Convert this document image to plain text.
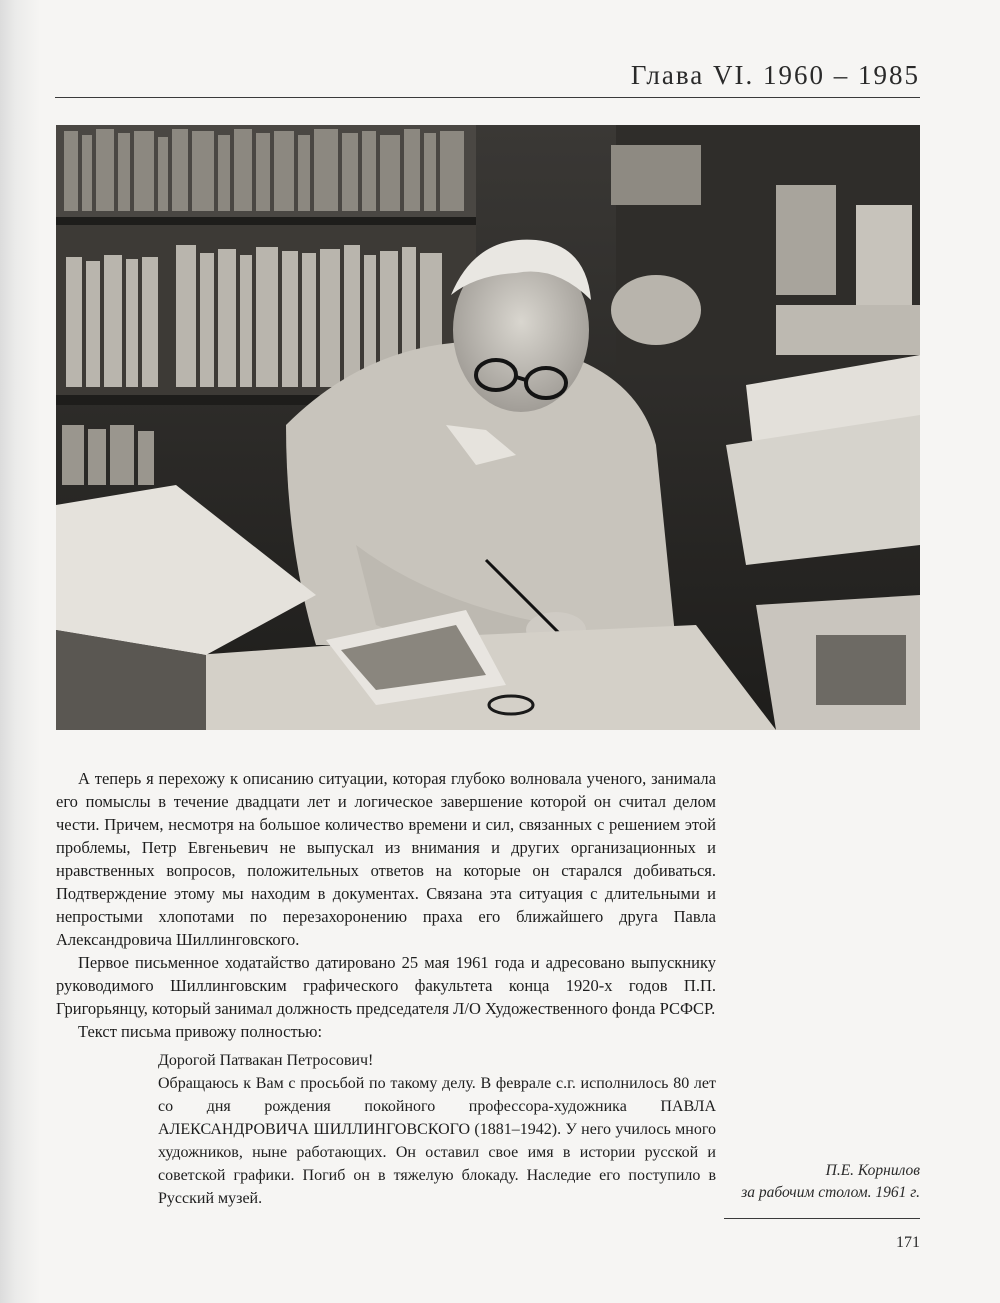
Глава VI. 1960 – 1985

А теперь я перехожу к описанию ситуации, которая глубоко волновала ученого, занимала его помыслы в течение двадцати лет и логическое завершение которой он считал делом чести. Причем, несмотря на большое количество времени и сил, связанных с решением этой проблемы, Петр Евгеньевич не выпускал из внимания и других организационных и нравственных вопросов, положительных ответов на которые он старался добиваться. Подтверждение этому мы находим в документах. Связана эта ситуация с длительными и непростыми хлопотами по перезахоронению праха его ближайшего друга Павла Александровича Шиллинговского.

Первое письменное ходатайство датировано 25 мая 1961 года и адресовано выпускнику руководимого Шиллинговским графического факультета конца 1920-х годов П.П. Григорьянцу, который занимал должность председателя Л/О Художественного фонда РСФСР.

Текст письма привожу полностью:

Дорогой Патвакан Петросович!

Обращаюсь к Вам с просьбой по такому делу. В феврале с.г. исполнилось 80 лет со дня рождения покойного профессора-художника ПАВЛА АЛЕКСАНДРОВИЧА ШИЛЛИНГОВСКОГО (1881–1942). У него училось много художников, ныне работающих. Он оставил свое имя в истории русской и советской графики. Погиб он в тяжелую блокаду. Наследие его поступило в Русский музей.

П.Е. Корнилов
за рабочим столом. 1961 г.
171
